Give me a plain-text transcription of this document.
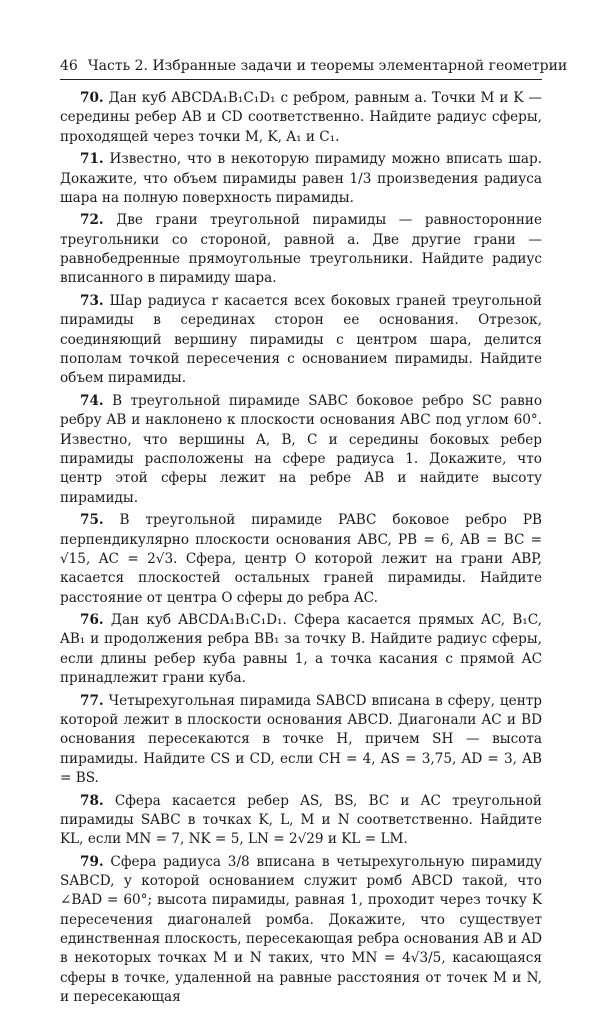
46 Часть 2. Избранные задачи и теоремы элементарной геометрии

70. Дан куб ABCDA₁B₁C₁D₁ с ребром, равным a. Точки M и K — середины ребер AB и CD соответственно. Найдите радиус сферы, проходящей через точки M, K, A₁ и C₁.

71. Известно, что в некоторую пирамиду можно вписать шар. Докажите, что объем пирамиды равен 1/3 произведения радиуса шара на полную поверхность пирамиды.

72. Две грани треугольной пирамиды — равносторонние треугольники со стороной, равной a. Две другие грани — равнобедренные прямоугольные треугольники. Найдите радиус вписанного в пирамиду шара.

73. Шар радиуса r касается всех боковых граней треугольной пирамиды в серединах сторон ее основания. Отрезок, соединяющий вершину пирамиды с центром шара, делится пополам точкой пересечения с основанием пирамиды. Найдите объем пирамиды.

74. В треугольной пирамиде SABC боковое ребро SC равно ребру AB и наклонено к плоскости основания ABC под углом 60°. Известно, что вершины A, B, C и середины боковых ребер пирамиды расположены на сфере радиуса 1. Докажите, что центр этой сферы лежит на ребре AB и найдите высоту пирамиды.

75. В треугольной пирамиде PABC боковое ребро PB перпендикулярно плоскости основания ABC, PB = 6, AB = BC = √15, AC = 2√3. Сфера, центр O которой лежит на грани ABP, касается плоскостей остальных граней пирамиды. Найдите расстояние от центра O сферы до ребра AC.

76. Дан куб ABCDA₁B₁C₁D₁. Сфера касается прямых AC, B₁C, AB₁ и продолжения ребра BB₁ за точку B. Найдите радиус сферы, если длины ребер куба равны 1, а точка касания с прямой AC принадлежит грани куба.

77. Четырехугольная пирамида SABCD вписана в сферу, центр которой лежит в плоскости основания ABCD. Диагонали AC и BD основания пересекаются в точке H, причем SH — высота пирамиды. Найдите CS и CD, если CH = 4, AS = 3,75, AD = 3, AB = BS.

78. Сфера касается ребер AS, BS, BC и AC треугольной пирамиды SABC в точках K, L, M и N соответственно. Найдите KL, если MN = 7, NK = 5, LN = 2√29 и KL = LM.

79. Сфера радиуса 3/8 вписана в четырехугольную пирамиду SABCD, у которой основанием служит ромб ABCD такой, что ∠BAD = 60°; высота пирамиды, равная 1, проходит через точку K пересечения диагоналей ромба. Докажите, что существует единственная плоскость, пересекающая ребра основания AB и AD в некоторых точках M и N таких, что MN = 4√3/5, касающаяся сферы в точке, удаленной на равные расстояния от точек M и N, и пересекающая
